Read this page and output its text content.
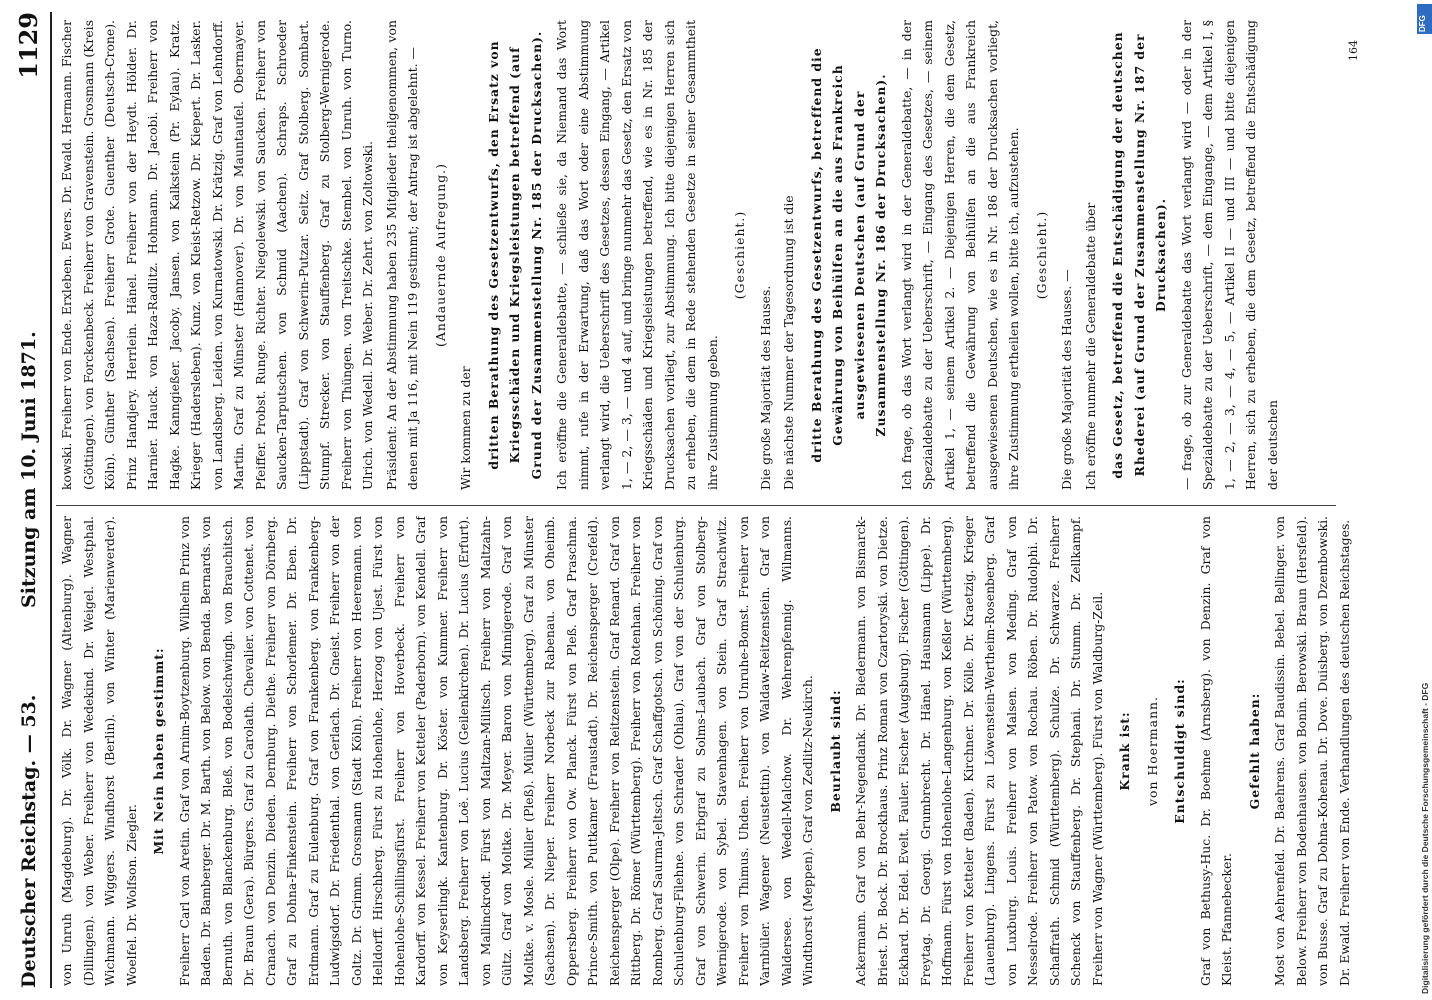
Deutscher Reichstag. — 53.
Sitzung am 10. Juni 1871.
1129

von Unruh (Magdeburg). Dr. Völk. Dr. Wagner (Altenburg). Wagner (Dillingen). von Weber. Freiherr von Wedekind. Dr. Weigel. Westphal. Wichmann. Wiggers. Windhorst (Berlin). von Winter (Marienwerder). Woelfel. Dr. Wolfson. Ziegler.

Mit Nein haben gestimmt: Freiherr Carl von Aretin. Graf von Arnim-Boytzenburg. Wilhelm Prinz von Baden. Dr. Bamberger. Dr. M. Barth. von Below. von Benda. Bernards. von Bernuth. von Blanckenburg. Bleß. von Bodelschwingh. von Brauchitsch. Dr. Braun (Gera). Bürgers. Graf zu Carolath. Chevalier. von Cottenet. von Cranach. von Denzin. Dieden. Dernburg. Diethe. Freiherr von Dörnberg. Graf zu Dohna-Finkenstein. Freiherr von Schorlemer. Dr. Eben. Dr. Erdmann. Graf zu Eulenburg. Graf von Frankenberg. von Frankenberg-Ludwigsdorf. Dr. Friedenthal. von Gerlach. Dr. Gneist. Freiherr von der Goltz. Dr. Grimm. Grosmann (Stadt Köln). Freiherr von Heeremann. von Helldorff. Hirschberg. Fürst zu Hohenlohe, Herzog von Ujest. Fürst von Hohenlohe-Schillingsfürst. Freiherr von Hoverbeck. Freiherr von Kardorff. von Kessel. Freiherr von Ketteler (Paderborn). von Kendell. Graf von Keyserlingk. Kantenburg. Dr. Köster. von Kummer. Freiherr von Landsberg. Freiherr von Loë. Lucius (Geilenkirchen). Dr. Lucius (Erfurt). von Mallinckrodt. Fürst von Maltzan-Militsch. Freiherr von Maltzahn-Gültz. Graf von Moltke. Dr. Meyer. Baron von Minnigerode. Graf von Moltke. v. Mosle. Müller (Pleß). Müller (Württemberg). Graf zu Münster (Sachsen). Dr. Nieper. Freiherr Norbeck zur Rabenau. von Oheimb. Oppersberg. Freiherr von Ow. Planck. Fürst von Pleß. Graf Praschma. Prince-Smith. von Puttkamer (Fraustadt). Dr. Reichensperger (Crefeld). Reichensperger (Olpe). Freiherr von Reitzenstein. Graf Renard. Graf von Rittberg. Dr. Römer (Württemberg). Freiherr von Rotenhan. Freiherr von Romberg. Graf Saurma-Jeltsch. Graf Schaffgotsch. von Schöning. Graf von Schulenburg-Filehne. von Schrader (Ohlau). Graf von der Schulenburg. Graf von Schwerin. Erbgraf zu Solms-Laubach. Graf von Stolberg-Wernigerode. von Sybel. Stavenhagen. von Stein. Graf Strachwitz. Freiherr von Thimus. Uhden. Freiherr von Unruhe-Bomst. Freiherr von Varnbüler. Wagener (Neustettin). von Waldaw-Reitzenstein. Graf von Waldersee. von Wedell-Malchow. Dr. Wehrenpfennig. Wilmanns. Windthorst (Meppen). Graf von Zedlitz-Neukirch. Beurlaubt sind: Ackermann. Graf von Behr-Negendank. Dr. Biedermann. von Bismarck-Briest. Dr. Bock. Dr. Brockhaus. Prinz Roman von Czartoryski. von Dietze. Eckhard. Dr. Edel. Evelt. Fauler. Fischer (Augsburg). Fischer (Göttingen). Freytag. Dr. Georgi. Grumbrecht. Dr. Hänel. Hausmann (Lippe). Dr. Hoffmann. Fürst von Hohenlohe-Langenburg. von Keßler (Württemberg). Freiherr von Ketteler (Baden). Kirchner. Dr. Kölle. Dr. Kraetzig. Krieger (Lauenburg). Lingens. Fürst zu Löwenstein-Wertheim-Rosenberg. Graf von Luxburg. Louis. Freiherr von Malsen. von Meding. Graf von Nesselrode. Freiherr von Patow. von Rochau. Röben. Dr. Rudolphi. Dr. Schaffrath. Schmid (Württemberg). Schulze. Dr. Schwarze. Freiherr Schenck von Stauffenberg. Dr. Stephani. Dr. Stumm. Dr. Zellkampf. Freiherr von Wagner (Württemberg). Fürst von Waldburg-Zeil. Krank ist: von Hoermann. Entschuldigt sind: Graf von Bethusy-Huc. Dr. Boehme (Arnsberg). von Denzin. Graf von Kleist. Pfannebecker.

Gefehlt haben: Most von Aehrenfeld. Dr. Baehrens. Graf Baudissin. Bebel. Bellinger. von Below. Freiherr von Bodenhausen. von Bonin. Berowski. Braun (Hersfeld). von Busse. Graf zu Dohna-Kohenau. Dr. Dove. Duisberg. von Dzembowski. Dr. Ewald. Freiherr von Ende. Verhandlungen des deutschen Reichstages.

kowski. Freiherr von Ende. Erxleben. Ewers. Dr. Ewald. Hermann. Fischer (Göttingen). von Forckenbeck. Freiherr von Gravenstein. Grosmann (Kreis Köln). Günther (Sachsen). Freiherr Grote. Guenther (Deutsch-Crone). Prinz Handjery. Herrlein. Hänel. Freiherr von der Heydt. Hölder. Dr. Harnier. Hauck. von Haza-Radlitz. Hohmann. Dr. Jacobi. Freiherr von Hagke. Kanngießer. Jacoby. Jansen. von Kalkstein (Pr. Eylau). Kratz. Krieger (Hadersleben). Kunz. von Kleist-Retzow. Dr. Kiepert. Dr. Lasker. von Landsberg. Leiden. von Kurnatowski. Dr. Krätzig. Graf von Lehndorff. Martin. Graf zu Münster (Hannover). Dr. von Mauntaufel. Obermayer. Pfeiffer. Probst. Runge. Richter. Niegolewski. von Saucken. Freiherr von Saucken-Tarputschen. von Schmid (Aachen). Schraps. Schroeder (Lippstadt). Graf von Schwerin-Putzar. Seitz. Graf Stolberg. Sombart. Stumpf. Strecker. von Stauffenberg. Graf zu Stolberg-Wernigerode. Freiherr von Thüngen. von Treitschke. Stembel. von Unruh. von Turno. Ulrich. von Wedell. Dr. Weber. Dr. Zehrt. von Zoltowski. Präsident: An der Abstimmung haben 235 Mitglieder theilgenommen, von denen mit Ja 116, mit Nein 119 gestimmt; der Antrag ist abgelehnt. — (Andauernde Aufregung.)

Wir kommen zu der dritten Berathung des Gesetzentwurfs, den Ersatz von Kriegsschäden und Kriegsleistungen betreffend (auf Grund der Zusammenstellung Nr. 185 der Drucksachen). Ich eröffne die Generaldebatte, — schließe sie, da Niemand das Wort nimmt, rufe in der Erwartung, daß das Wort oder eine Abstimmung verlangt wird, die Ueberschrift des Gesetzes, dessen Eingang, — Artikel 1, — 2, — 3, — und 4 auf, und bringe nunmehr das Gesetz, den Ersatz von Kriegsschäden und Kriegsleistungen betreffend, wie es in Nr. 185 der Drucksachen vorliegt, zur Abstimmung. Ich bitte diejenigen Herren sich zu erheben, die dem in Rede stehenden Gesetze in seiner Gesammtheit ihre Zustimmung geben.

(Geschieht.)

Die große Majorität des Hauses. Die nächste Nummer der Tagesordnung ist die dritte Berathung des Gesetzentwurfs, betreffend die Gewährung von Beihülfen an die aus Frankreich ausgewiesenen Deutschen (auf Grund der Zusammenstellung Nr. 186 der Drucksachen). Ich frage, ob das Wort verlangt wird in der Generaldebatte, — in der Spezialdebatte zu der Ueberschrift, — Eingang des Gesetzes, — seinem Artikel 1, — seinem Artikel 2. — Diejenigen Herren, die dem Gesetz, betreffend die Gewährung von Beihülfen an die aus Frankreich ausgewiesenen Deutschen, wie es in Nr. 186 der Drucksachen vorliegt, ihre Zustimmung ertheilen wollen, bitte ich, aufzustehen. (Geschieht.)

Die große Majorität des Hauses. — Ich eröffne nunmehr die Generaldebatte über das Gesetz, betreffend die Entschädigung der deutschen Rhederei (auf Grund der Zusammenstellung Nr. 187 der Drucksachen). — frage, ob zur Generaldebatte das Wort verlangt wird — oder in der Spezialdebatte zu der Ueberschrift, — dem Eingange, — dem Artikel I, § 1, — 2, — 3, — 4, — 5, — Artikel II — und III — und bitte diejenigen Herren, sich zu erheben, die dem Gesetz, betreffend die Entschädigung der deutschen

164
Digitalisierung gefördert durch die Deutsche Forschungsgemeinschaft - DFG
DFG
